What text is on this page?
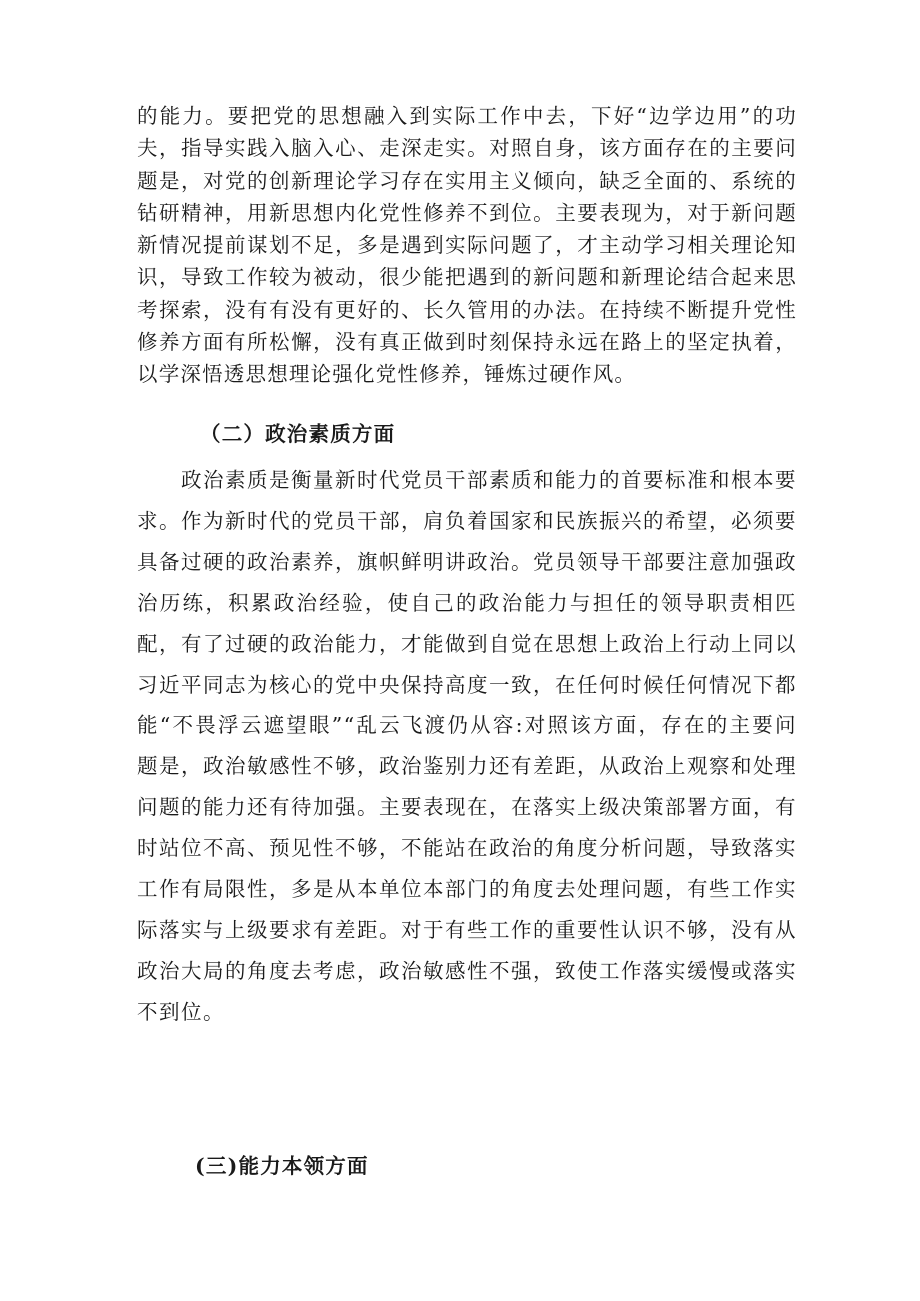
的能力。要把党的思想融入到实际工作中去，下好“边学边用”的功夫，指导实践入脑入心、走深走实。对照自身，该方面存在的主要问题是，对党的创新理论学习存在实用主义倾向，缺乏全面的、系统的钻研精神，用新思想内化党性修养不到位。主要表现为，对于新问题新情况提前谋划不足，多是遇到实际问题了，才主动学习相关理论知识，导致工作较为被动，很少能把遇到的新问题和新理论结合起来思考探索，没有有没有更好的、长久管用的办法。在持续不断提升党性修养方面有所松懈，没有真正做到时刻保持永远在路上的坚定执着，以学深悟透思想理论强化党性修养，锤炼过硬作风。

（二）政治素质方面

政治素质是衡量新时代党员干部素质和能力的首要标准和根本要求。作为新时代的党员干部，肩负着国家和民族振兴的希望，必须要具备过硬的政治素养，旗帜鲜明讲政治。党员领导干部要注意加强政治历练，积累政治经验，使自己的政治能力与担任的领导职责相匹配，有了过硬的政治能力，才能做到自觉在思想上政治上行动上同以习近平同志为核心的党中央保持高度一致，在任何时候任何情况下都能“不畏浮云遮望眼”“乱云飞渡仍从容:对照该方面，存在的主要问题是，政治敏感性不够，政治鉴别力还有差距，从政治上观察和处理问题的能力还有待加强。主要表现在，在落实上级决策部署方面，有时站位不高、预见性不够，不能站在政治的角度分析问题，导致落实工作有局限性，多是从本单位本部门的角度去处理问题，有些工作实际落实与上级要求有差距。对于有些工作的重要性认识不够，没有从政治大局的角度去考虑，政治敏感性不强，致使工作落实缓慢或落实不到位。

(三)能力本领方面
